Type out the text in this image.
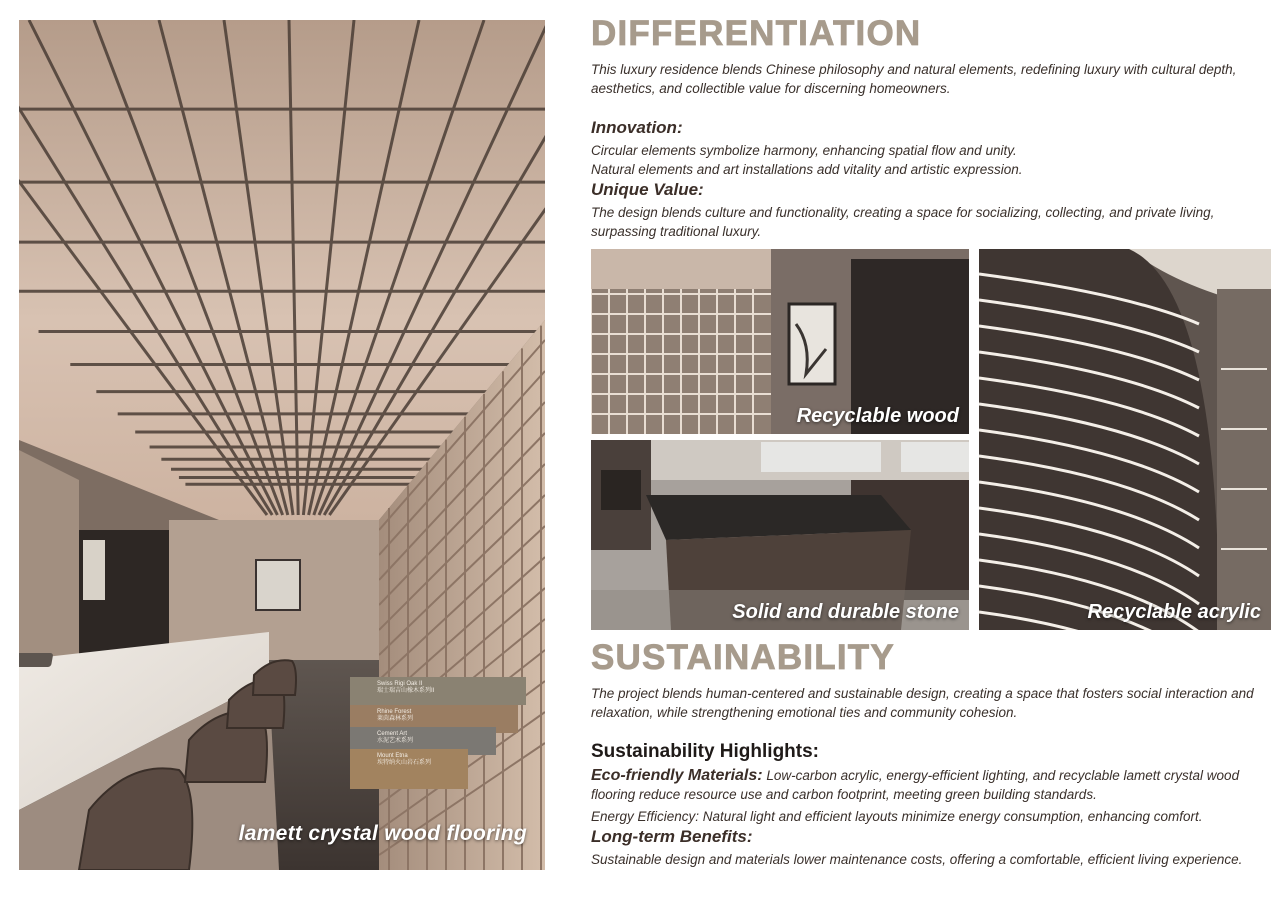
Swiss Rigi Oak II
瑞士瑞吉山橡木系列II
Rhine Forest
莱茵森林系列
Cement Art
水泥艺术系列
Mount Etna
埃特纳火山岩石系列
lamett crystal wood flooring
DIFFERENTIATION

This luxury residence blends Chinese philosophy and natural elements, redefining luxury with cultural depth, aesthetics, and collectible value for discerning homeowners.

Innovation:

Circular elements symbolize harmony, enhancing spatial flow and unity.

Natural elements and art installations add vitality and artistic expression.

Unique Value:

The design blends culture and functionality, creating a space for socializing, collecting, and private living, surpassing traditional luxury.

Recyclable wood
Solid and durable stone	Recyclable acrylic
SUSTAINABILITY

The project blends human-centered and sustainable design, creating a space that fosters social interaction and relaxation, while strengthening emotional ties and community cohesion.

Sustainability Highlights:

Eco-friendly Materials: Low-carbon acrylic, energy-efficient lighting, and recyclable lamett crystal wood flooring reduce resource use and carbon footprint, meeting green building standards.

Energy Efficiency: Natural light and efficient layouts minimize energy consumption, enhancing comfort.

Long-term Benefits:

Sustainable design and materials lower maintenance costs, offering a comfortable, efficient living experience.
